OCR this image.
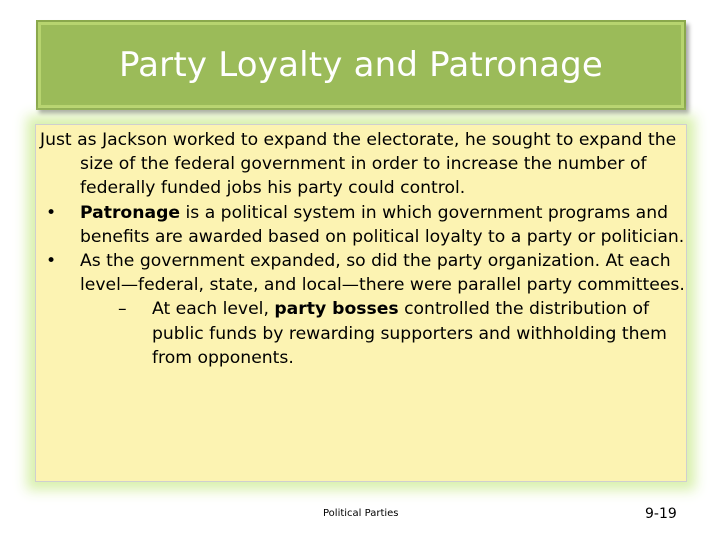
Party Loyalty and Patronage

Just as Jackson worked to expand the electorate, he sought to expand the size of the federal government in order to increase the number of federally funded jobs his party could control.

•	Patronage is a political system in which government programs and benefits are awarded based on political loyalty to a party or politician.
•	As the government expanded, so did the party organization. At each level—federal, state, and local—there were parallel party committees.
–	At each level, party bosses controlled the distribution of public funds by rewarding supporters and withholding them from opponents.
Political Parties	9-19
